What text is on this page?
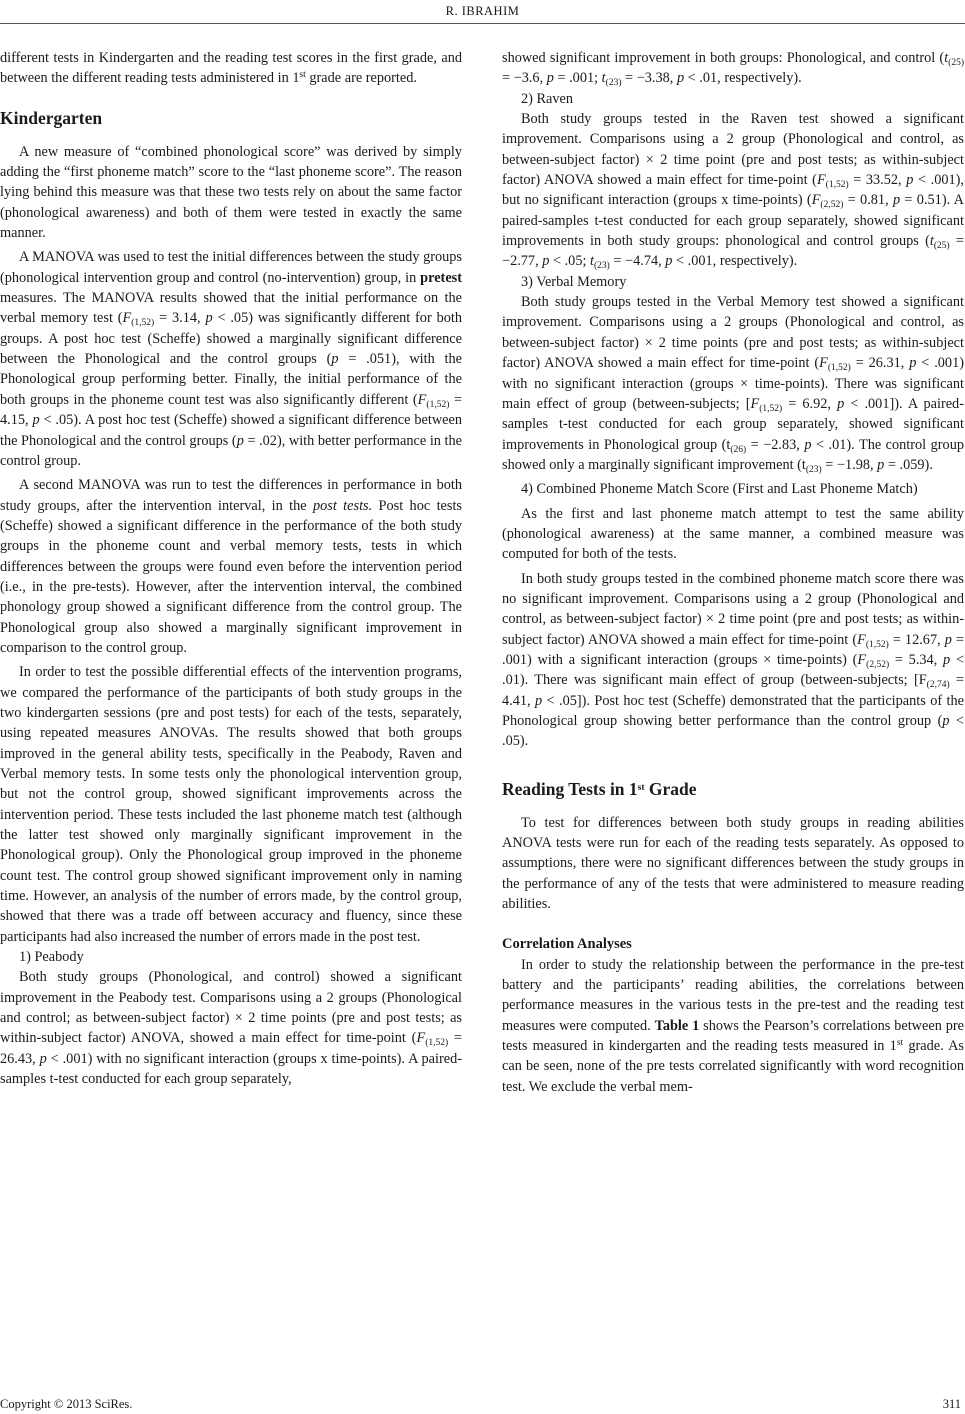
R. IBRAHIM

different tests in Kindergarten and the reading test scores in the first grade, and between the different reading tests administered in 1st grade are reported.

Kindergarten

A new measure of “combined phonological score” was derived by simply adding the “first phoneme match” score to the “last phoneme score”. The reason lying behind this measure was that these two tests rely on about the same factor (phonological awareness) and both of them were tested in exactly the same manner.

A MANOVA was used to test the initial differences between the study groups (phonological intervention group and control (no-intervention) group, in pretest measures. The MANOVA results showed that the initial performance on the verbal memory test ($F_{(1,52)} = 3.14$, p < .05) was significantly different for both groups. A post hoc test (Scheffe) showed a marginally significant difference between the Phonological and the control groups (p = .051), with the Phonological group performing better. Finally, the initial performance of the both groups in the phoneme count test was also significantly different ($F_{(1,52)} = 4.15$, p < .05). A post hoc test (Scheffe) showed a significant difference between the Phonological and the control groups (p = .02), with better performance in the control group.

A second MANOVA was run to test the differences in performance in both study groups, after the intervention interval, in the post tests. Post hoc tests (Scheffe) showed a significant difference in the performance of the both study groups in the phoneme count and verbal memory tests, tests in which differences between the groups were found even before the intervention period (i.e., in the pre-tests). However, after the intervention interval, the combined phonology group showed a significant difference from the control group. The Phonological group also showed a marginally significant improvement in comparison to the control group.

In order to test the possible differential effects of the intervention programs, we compared the performance of the participants of both study groups in the two kindergarten sessions (pre and post tests) for each of the tests, separately, using repeated measures ANOVAs. The results showed that both groups improved in the general ability tests, specifically in the Peabody, Raven and Verbal memory tests. In some tests only the phonological intervention group, but not the control group, showed significant improvements across the intervention period. These tests included the last phoneme match test (although the latter test showed only marginally significant improvement in the Phonological group). Only the Phonological group improved in the phoneme count test. The control group showed significant improvement only in naming time. However, an analysis of the number of errors made, by the control group, showed that there was a trade off between accuracy and fluency, since these participants had also increased the number of errors made in the post test.

1) Peabody

Both study groups (Phonological, and control) showed a significant improvement in the Peabody test. Comparisons using a 2 groups (Phonological and control; as between-subject factor) × 2 time points (pre and post tests; as within-subject factor) ANOVA, showed a main effect for time-point ($F_{(1,52)} = 26.43$, p < .001) with no significant interaction (groups x time-points). A paired-samples t-test conducted for each group separately,

showed significant improvement in both groups: Phonological, and control ($t_{(25)} = -3.6$, p = .001; $t_{(23)} = -3.38$, p < .01, respectively).

2) Raven

Both study groups tested in the Raven test showed a significant improvement. Comparisons using a 2 group (Phonological and control, as between-subject factor) × 2 time point (pre and post tests; as within-subject factor) ANOVA showed a main effect for time-point ($F_{(1,52)} = 33.52$, p < .001), but no significant interaction (groups x time-points) ($F_{(2,52)} = 0.81$, p = 0.51). A paired-samples t-test conducted for each group separately, showed significant improvements in both study groups: phonological and control groups ($t_{(25)} = -2.77$, p < .05; $t_{(23)} = -4.74$, p < .001, respectively).

3) Verbal Memory

Both study groups tested in the Verbal Memory test showed a significant improvement. Comparisons using a 2 groups (Phonological and control, as between-subject factor) × 2 time points (pre and post tests; as within-subject factor) ANOVA showed a main effect for time-point ($F_{(1,52)} = 26.31$, p < .001) with no significant interaction (groups × time-points). There was significant main effect of group (between-subjects; [$F_{(1,52)} = 6.92$, p < .001]). A paired-samples t-test conducted for each group separately, showed significant improvements in Phonological group ($t_{(26)} = -2.83$, p < .01). The control group showed only a marginally significant improvement ($t_{(23)} = -1.98$, p = .059).

4) Combined Phoneme Match Score (First and Last Phoneme Match)

As the first and last phoneme match attempt to test the same ability (phonological awareness) at the same manner, a combined measure was computed for both of the tests.

In both study groups tested in the combined phoneme match score there was no significant improvement. Comparisons using a 2 group (Phonological and control, as between-subject factor) × 2 time point (pre and post tests; as within-subject factor) ANOVA showed a main effect for time-point ($F_{(1,52)} = 12.67$, p = .001) with a significant interaction (groups × time-points) ($F_{(2,52)} = 5.34$, p < .01). There was significant main effect of group (between-subjects; [$F_{(2,74)} = 4.41$, p < .05]). Post hoc test (Scheffe) demonstrated that the participants of the Phonological group showing better performance than the control group (p < .05).

Reading Tests in 1st Grade

To test for differences between both study groups in reading abilities ANOVA tests were run for each of the reading tests separately. As opposed to assumptions, there were no significant differences between the study groups in the performance of any of the tests that were administered to measure reading abilities.

Correlation Analyses

In order to study the relationship between the performance in the pre-test battery and the participants’ reading abilities, the correlations between performance measures in the various tests in the pre-test and the reading test measures were computed. Table 1 shows the Pearson’s correlations between pre tests measured in kindergarten and the reading tests measured in 1st grade. As can be seen, none of the pre tests correlated significantly with word recognition test. We exclude the verbal mem-

Copyright © 2013 SciRes.	311
